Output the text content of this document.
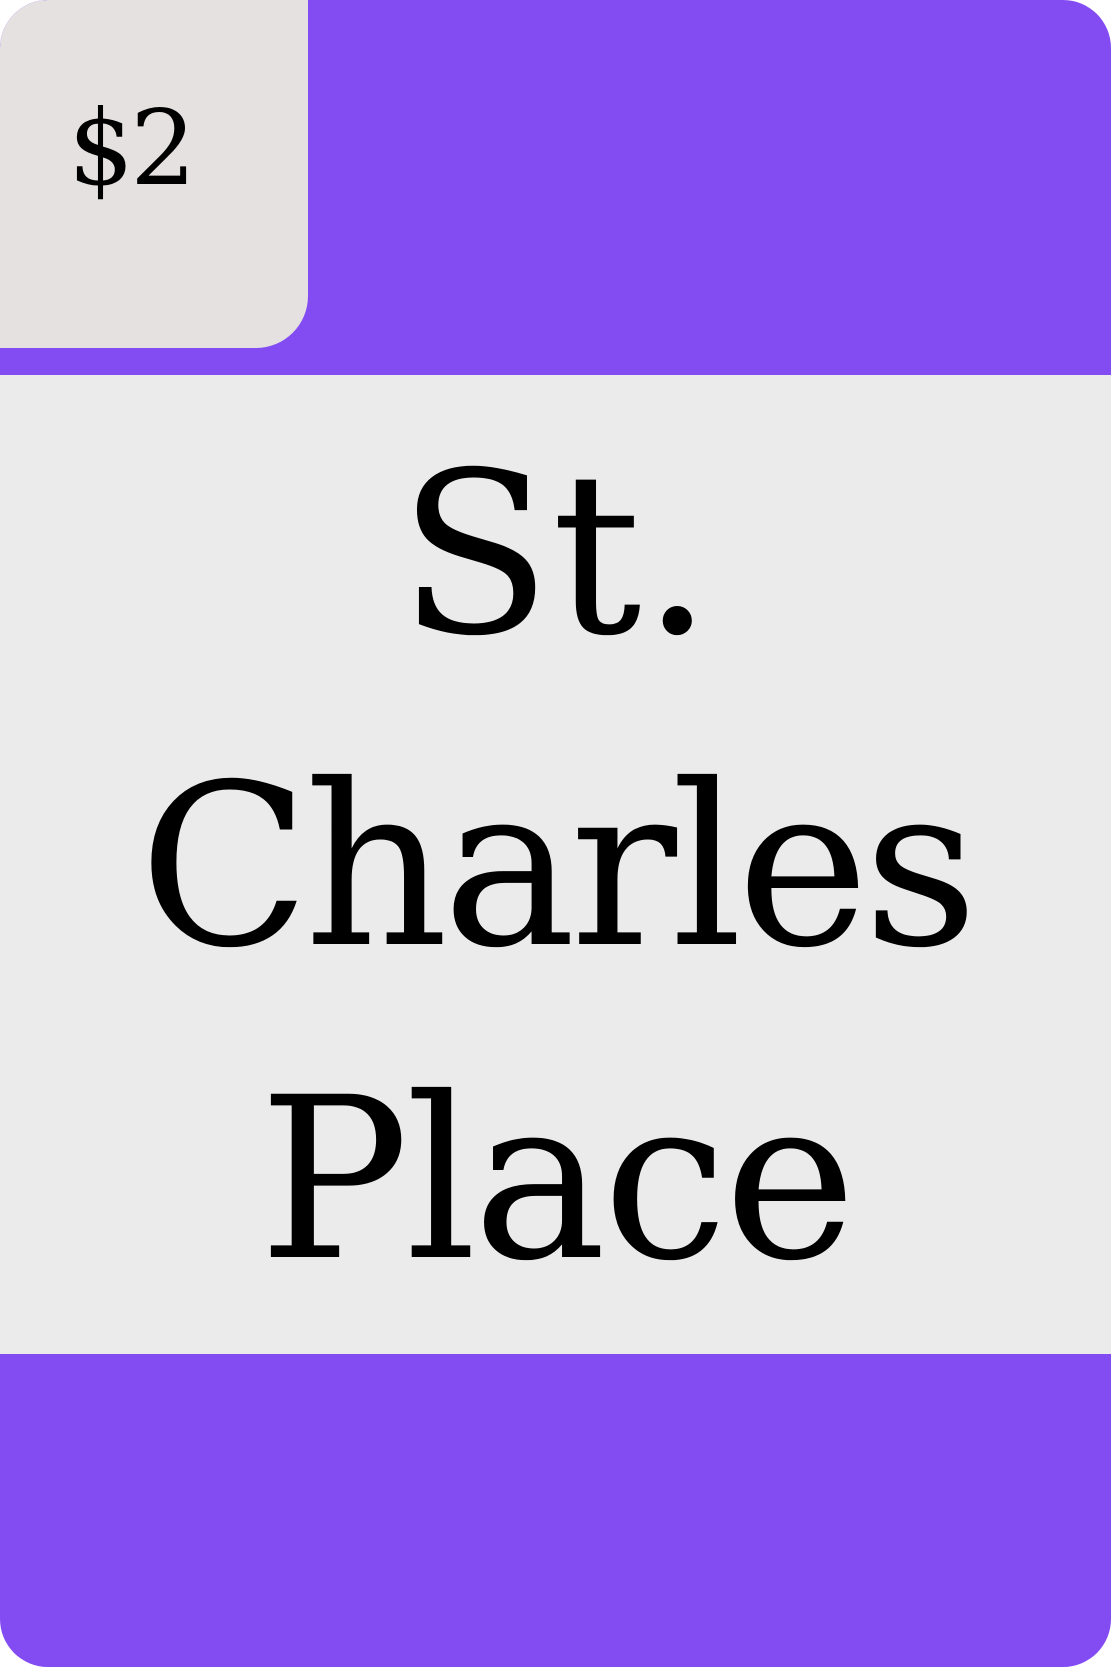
$2
St.
Charles
Place
